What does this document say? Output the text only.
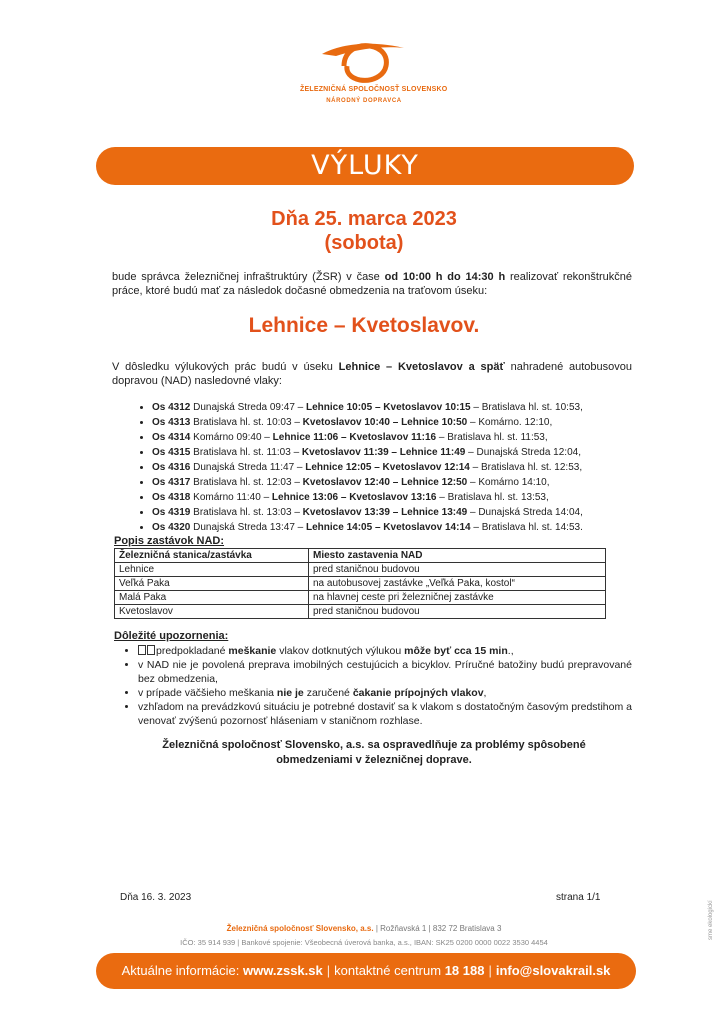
ŽELEZNIČNÁ SPOLOČNOSŤ SLOVENSKO
NÁRODNÝ DOPRAVCA
VÝLUKY
Dňa 25. marca 2023
(sobota)
bude správca železničnej infraštruktúry (ŽSR) v čase od 10:00 h do 14:30 h realizovať rekonštrukčné práce, ktoré budú mať za následok dočasné obmedzenia na traťovom úseku:
Lehnice – Kvetoslavov.
V dôsledku výlukových prác budú v úseku Lehnice – Kvetoslavov a späť nahradené autobusovou dopravou (NAD) nasledovné vlaky:
• Os 4312 Dunajská Streda 09:47 – Lehnice 10:05 – Kvetoslavov 10:15 – Bratislava hl. st. 10:53,
• Os 4313 Bratislava hl. st. 10:03 – Kvetoslavov 10:40 – Lehnice 10:50 – Komárno. 12:10,
• Os 4314 Komárno 09:40 – Lehnice 11:06 – Kvetoslavov 11:16 – Bratislava hl. st. 11:53,
• Os 4315 Bratislava hl. st. 11:03 – Kvetoslavov 11:39 – Lehnice 11:49 – Dunajská Streda 12:04,
• Os 4316 Dunajská Streda 11:47 – Lehnice 12:05 – Kvetoslavov 12:14 – Bratislava hl. st. 12:53,
• Os 4317 Bratislava hl. st. 12:03 – Kvetoslavov 12:40 – Lehnice 12:50 – Komárno 14:10,
• Os 4318 Komárno 11:40 – Lehnice 13:06 – Kvetoslavov 13:16 – Bratislava hl. st. 13:53,
• Os 4319 Bratislava hl. st. 13:03 – Kvetoslavov 13:39 – Lehnice 13:49 – Dunajská Streda 14:04,
• Os 4320 Dunajská Streda 13:47 – Lehnice 14:05 – Kvetoslavov 14:14 – Bratislava hl. st. 14:53.
Popis zastávok NAD:
Železničná stanica/zastávka	Miesto zastavenia NAD
Lehnice	pred staničnou budovou
Veľká Paka	na autobusovej zastávke „Veľká Paka, kostol“
Malá Paka	na hlavnej ceste pri železničnej zastávke
Kvetoslavov	pred staničnou budovou
Dôležité upozornenia:
• predpokladané meškanie vlakov dotknutých výlukou môže byť cca 15 min.,
• v NAD nie je povolená preprava imobilných cestujúcich a bicyklov. Príručné batožiny budú prepravované bez obmedzenia,
• v prípade väčšieho meškania nie je zaručené čakanie prípojných vlakov,
• vzhľadom na prevádzkovú situáciu je potrebné dostaviť sa k vlakom s dostatočným časovým predstihom a venovať zvýšenú pozornosť hláseniam v staničnom rozhlase.
Železničná spoločnosť Slovensko, a.s. sa ospravedlňuje za problémy spôsobené
obmedzeniami v železničnej doprave.
Dňa 16. 3. 2023	strana 1/1
Železničná spoločnosť Slovensko, a.s. | Rožňavská 1 | 832 72 Bratislava 3
IČO: 35 914 939 | Bankové spojenie: Všeobecná úverová banka, a.s., IBAN: SK25 0200 0000 0022 3530 4454
Aktuálne informácie: www.zssk.sk | kontaktné centrum 18 188 | info@slovakrail.sk
sme ekologickí
